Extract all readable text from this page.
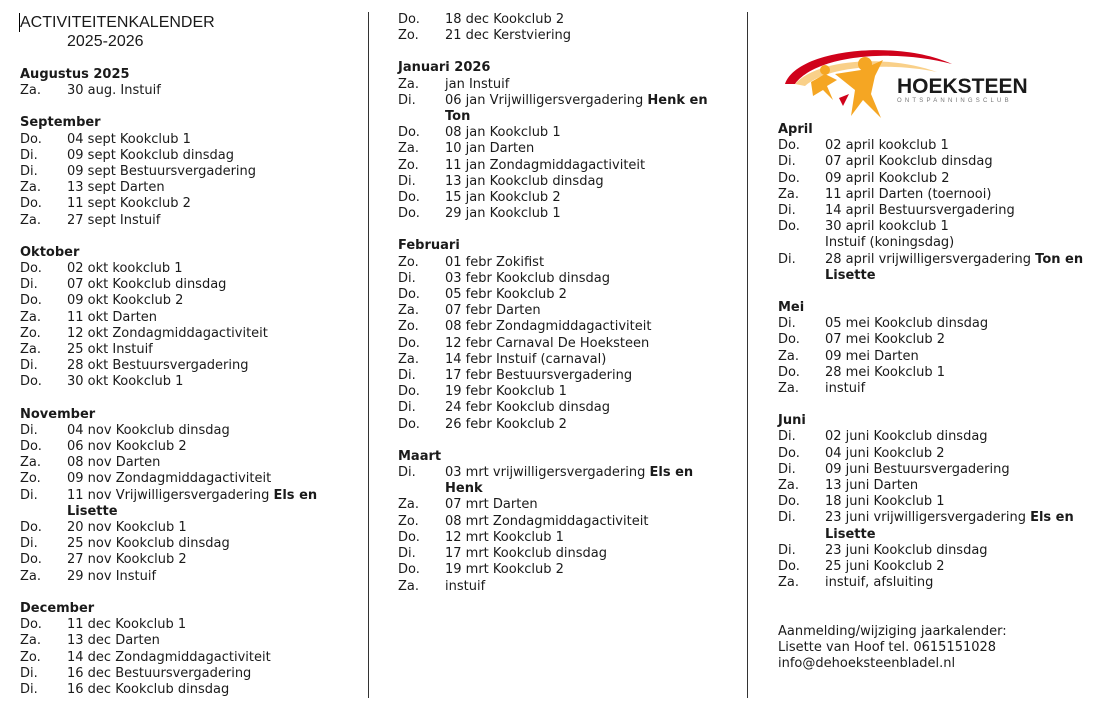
ACTIVITEITENKALENDER
2025-2026
Augustus 2025
Za.	30 aug. Instuif
September
Do.	04 sept Kookclub 1
Di.	09 sept Kookclub dinsdag
Di.	09 sept Bestuursvergadering
Za.	13 sept Darten
Do.	11 sept Kookclub 2
Za.	27 sept Instuif
Oktober
Do.	02 okt kookclub 1
Di.	07 okt Kookclub dinsdag
Do.	09 okt Kookclub 2
Za.	11 okt Darten
Zo.	12 okt Zondagmiddagactiviteit
Za.	25 okt Instuif
Di.	28 okt Bestuursvergadering
Do.	30 okt Kookclub 1
November
Di.	04 nov Kookclub dinsdag
Do.	06 nov Kookclub 2
Za.	08 nov Darten
Zo.	09 nov Zondagmiddagactiviteit
Di.	11 nov Vrijwilligersvergadering Els en Lisette
Do.	20 nov Kookclub 1
Di.	25 nov Kookclub dinsdag
Do.	27 nov Kookclub 2
Za.	29 nov Instuif
December
Do.	11 dec Kookclub 1
Za.	13 dec Darten
Zo.	14 dec Zondagmiddagactiviteit
Di.	16 dec Bestuursvergadering
Di.	16 dec Kookclub dinsdag
Do.	18 dec Kookclub 2
Zo.	21 dec Kerstviering
Januari 2026
Za.	jan Instuif
Di.	06 jan Vrijwilligersvergadering Henk en Ton
Do.	08 jan Kookclub 1
Za.	10 jan Darten
Zo.	11 jan Zondagmiddagactiviteit
Di.	13 jan Kookclub dinsdag
Do.	15 jan Kookclub 2
Do.	29 jan Kookclub 1
Februari
Zo.	01 febr Zokifist
Di.	03 febr Kookclub dinsdag
Do.	05 febr Kookclub 2
Za.	07 febr Darten
Zo.	08 febr Zondagmiddagactiviteit
Do.	12 febr Carnaval De Hoeksteen
Za.	14 febr Instuif (carnaval)
Di.	17 febr Bestuursvergadering
Do.	19 febr Kookclub 1
Di.	24 febr Kookclub dinsdag
Do.	26 febr Kookclub 2
Maart
Di.	03 mrt vrijwilligersvergadering Els en Henk
Za.	07 mrt Darten
Zo.	08 mrt Zondagmiddagactiviteit
Do.	12 mrt Kookclub 1
Di.	17 mrt Kookclub dinsdag
Do.	19 mrt Kookclub 2
Za.	instuif
April
Do.	02 april kookclub 1
Di.	07 april Kookclub dinsdag
Do.	09 april Kookclub 2
Za.	11 april Darten (toernooi)
Di.	14 april Bestuursvergadering
Do.	30 april kookclub 1
Instuif (koningsdag)
Di.	28 april vrijwilligersvergadering Ton en Lisette
Mei
Di.	05 mei Kookclub dinsdag
Do.	07 mei Kookclub 2
Za.	09 mei Darten
Do.	28 mei Kookclub 1
Za.	instuif
Juni
Di.	02 juni Kookclub dinsdag
Do.	04 juni Kookclub 2
Di.	09 juni Bestuursvergadering
Za.	13 juni Darten
Do.	18 juni Kookclub 1
Di.	23 juni vrijwilligersvergadering Els en Lisette
Di.	23 juni Kookclub dinsdag
Do.	25 juni Kookclub 2
Za.	instuif, afsluiting
HOEKSTEEN
ONTSPANNINGSCLUB
Aanmelding/wijziging jaarkalender:
Lisette van Hoof tel. 0615151028
info@dehoeksteenbladel.nl
